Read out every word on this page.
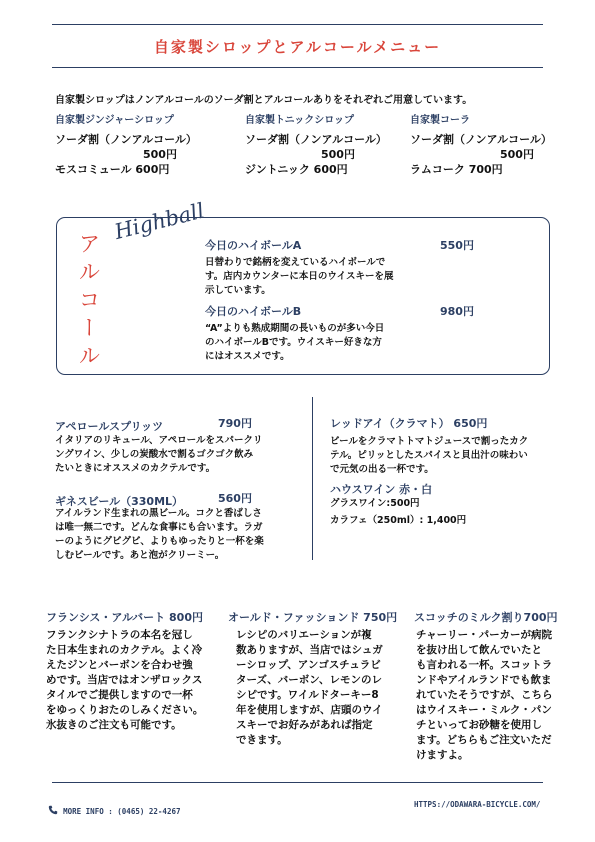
自家製シロップとアルコールメニュー
自家製シロップはノンアルコールのソーダ割とアルコールありをそれぞれご用意しています。
自家製ジンジャーシロップ
ソーダ割（ノンアルコール）
500円
モスコミュール 600円
自家製トニックシロップ
ソーダ割（ノンアルコール）
500円
ジントニック 600円
自家製コーラ
ソーダ割（ノンアルコール）
500円
ラムコーク 700円
アルコール
Highball
今日のハイボールA
日替わりで銘柄を変えているハイボールで
す。店内カウンターに本日のウイスキーを展
示しています。
550円
今日のハイボールB
“A”よりも熟成期間の長いものが多い今日
のハイボールBです。ウイスキー好きな方
にはオススメです。
980円
アペロールスプリッツ	790円
イタリアのリキュール、アペロールをスパークリ
ングワイン、少しの炭酸水で割るゴクゴク飲み
たいときにオススメのカクテルです。
ギネスビール（330ML）	560円
アイルランド生まれの黒ビール。コクと香ばしさ
は唯一無二です。どんな食事にも合います。ラガ
ーのようにグビグビ、よりもゆったりと一杯を楽
しむビールです。あと泡がクリーミー。
レッドアイ（クラマト） 650円
ビールをクラマトトマトジュースで割ったカク
テル。ピリッとしたスパイスと貝出汁の味わい
で元気の出る一杯です。
ハウスワイン 赤・白
グラスワイン:500円
カラフェ（250ml）: 1,400円
フランシス・アルバート 800円
フランクシナトラの本名を冠し
た日本生まれのカクテル。よく冷
えたジンとバーボンを合わせ強
めです。当店ではオンザロックス
タイルでご提供しますので一杯
をゆっくりおたのしみください。
氷抜きのご注文も可能です。
オールド・ファッションド 750円
レシピのバリエーションが複
数ありますが、当店ではシュガ
ーシロップ、アンゴスチュラビ
ターズ、バーボン、レモンのレ
シピです。ワイルドターキー8
年を使用しますが、店頭のウイ
スキーでお好みがあれば指定
できます。
スコッチのミルク割り700円
チャーリー・パーカーが病院
を抜け出して飲んでいたと
も言われる一杯。スコットラ
ンドやアイルランドでも飲ま
れていたそうですが、こちら
はウイスキー・ミルク・パン
チといってお砂糖を使用し
ます。どちらもご注文いただ
けますよ。
MORE INFO : (0465) 22-4267
HTTPS://ODAWARA-BICYCLE.COM/
